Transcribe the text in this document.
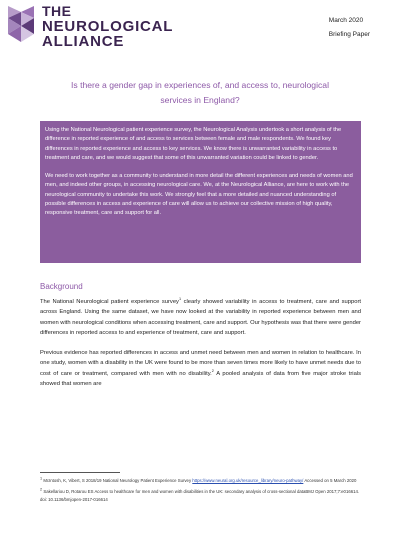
THE
NEUROLOGICAL
ALLIANCE
March 2020
Briefing Paper
Is there a gender gap in experiences of, and access to, neurological services in England?

Using the National Neurological patient experience survey, the Neurological Analysis undertook a short analysis of the difference in reported experience of and access to services between female and male respondents. We found key differences in reported experience and access to key services. We know there is unwarranted variability in access to treatment and care, and we would suggest that some of this unwarranted variation could be linked to gender.

We need to work together as a community to understand in more detail the different experiences and needs of women and men, and indeed other groups, in accessing neurological care. We, at the Neurological Alliance, are here to work with the neurological community to undertake this work. We strongly feel that a more detailed and nuanced understanding of possible differences in access and experience of care will allow us to achieve our collective mission of high quality, responsive treatment, care and support for all.

Background

The National Neurological patient experience survey$^1$ clearly showed variability in access to treatment, care and support across England. Using the same dataset, we have now looked at the variability in reported experience between men and women with neurological conditions when accessing treatment, care and support. Our hypothesis was that there were gender differences in reported access to and experience of treatment, care and support.

Previous evidence has reported differences in access and unmet need between men and women in relation to healthcare. In one study, women with a disability in the UK were found to be more than seven times more likely to have unmet needs due to cost of care or treatment, compared with men with no disability.$^2$ A pooled analysis of data from five major stroke trials showed that women are

$^1$ McIntosh, K, Vibert, S 2018/19 National Neurology Patient Experience Survey https://www.neural.org.uk/resource_library/neuro-pathway/ Accessed on 5 March 2020
$^2$ Sakellariou D, Rotarou ES Access to healthcare for men and women with disabilities in the UK: secondary analysis of cross-sectional dataBMJ Open 2017;7:e016614. doi: 10.1136/bmjopen-2017-016614
